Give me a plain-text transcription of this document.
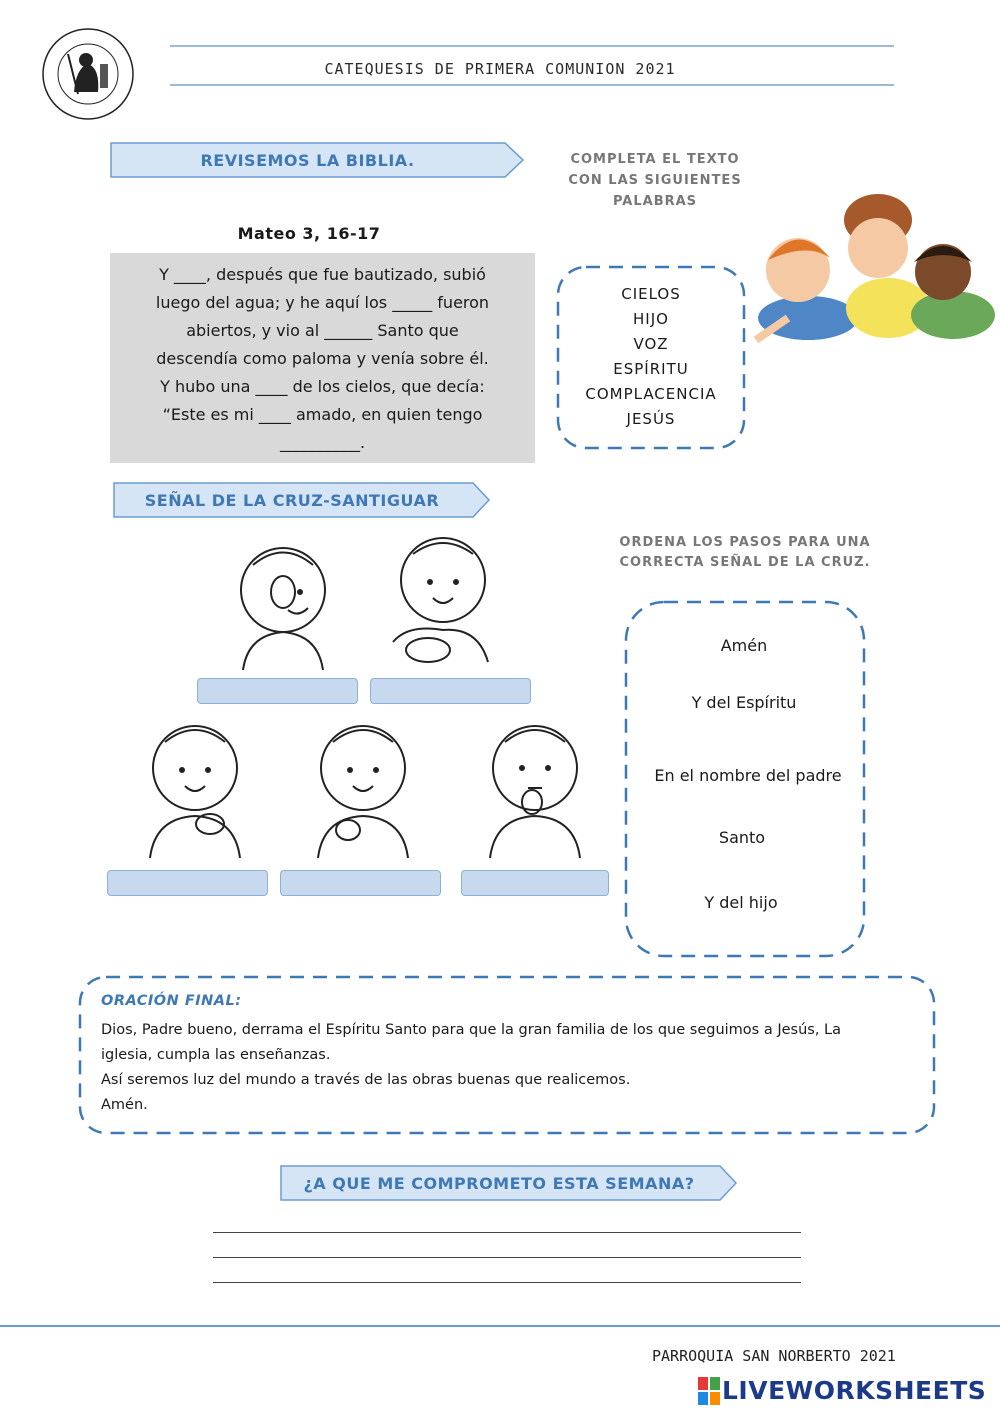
CATEQUESIS DE PRIMERA COMUNION 2021
REVISEMOS LA BIBLIA.	COMPLETA EL TEXTO
CON LAS SIGUIENTES
PALABRAS
Mateo 3, 16-17
Y ____, después que fue bautizado, subió
luego del agua; y he aquí los _____ fueron
abiertos, y vio al ______ Santo que
descendía como paloma y venía sobre él.
Y hubo una ____ de los cielos, que decía:
“Este es mi ____ amado, en quien tengo
__________.
CIELOS
HIJO
VOZ
ESPÍRITU
COMPLACENCIA
JESÚS
SEÑAL DE LA CRUZ-SANTIGUAR
ORDENA LOS PASOS PARA UNA
CORRECTA SEÑAL DE LA CRUZ.
Amén
Y del Espíritu
En el nombre del padre
Santo
Y del hijo
ORACIÓN FINAL:
Dios, Padre bueno, derrama el Espíritu Santo para que la gran familia de los que seguimos a Jesús, La
iglesia, cumpla las enseñanzas.
Así seremos luz del mundo a través de las obras buenas que realicemos.
Amén.
¿A QUE ME COMPROMETO ESTA SEMANA?
PARROQUIA SAN NORBERTO 2021
LIVEWORKSHEETS
